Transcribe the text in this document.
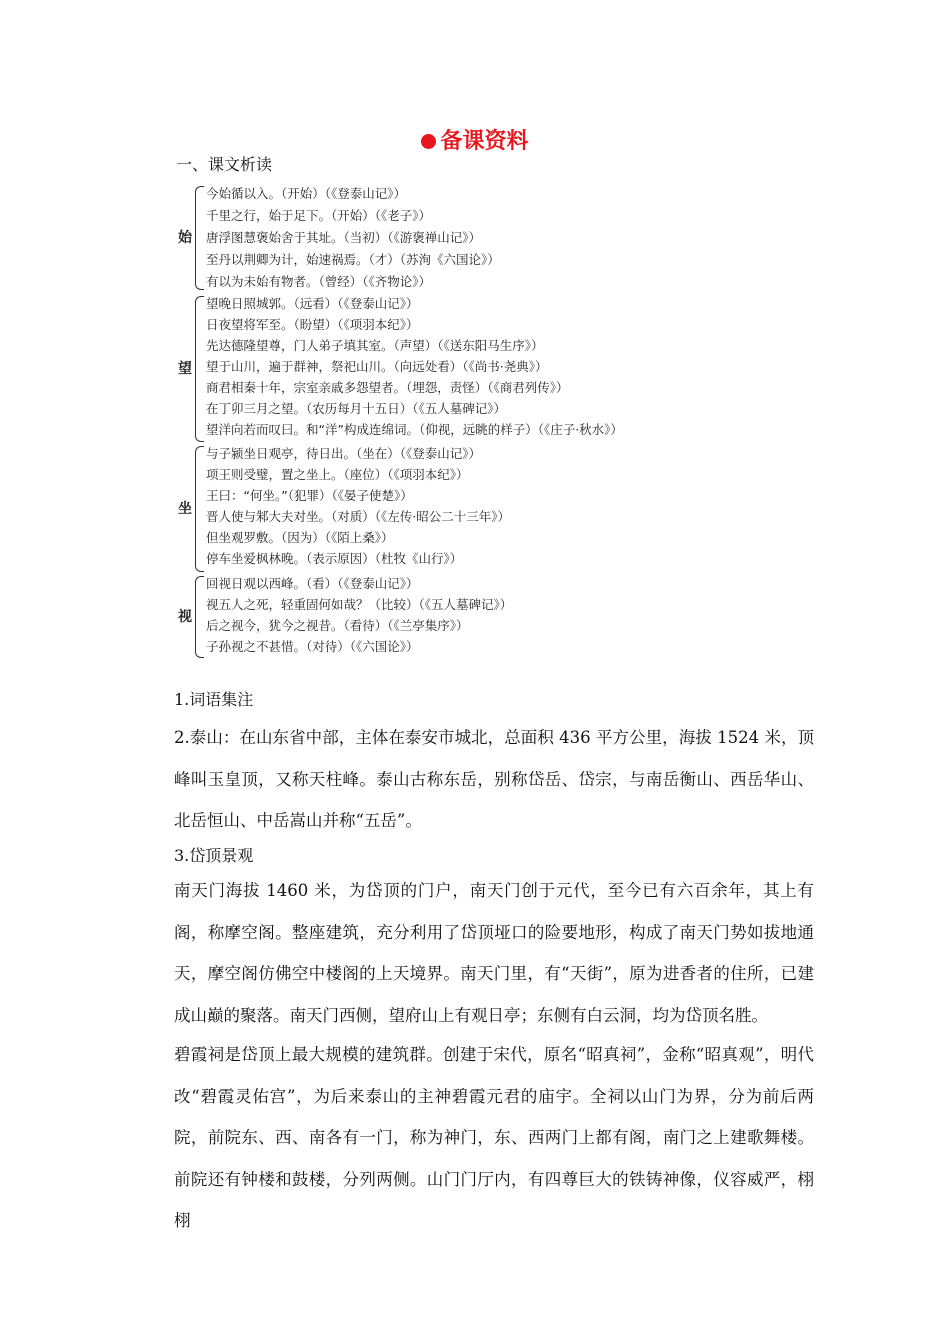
备课资料
一、课文析读
始
今始循以入。（开始）（《登泰山记》）
千里之行，始于足下。（开始）（《老子》）
唐浮图慧褒始舍于其址。（当初）（《游褒禅山记》）
至丹以荆卿为计，始速祸焉。（才）（苏洵《六国论》）
有以为未始有物者。（曾经）（《齐物论》）
望
望晚日照城郭。（远看）（《登泰山记》）
日夜望将军至。（盼望）（《项羽本纪》）
先达德隆望尊，门人弟子填其室。（声望）（《送东阳马生序》）
望于山川，遍于群神，祭祀山川。（向远处看）（《尚书·尧典》）
商君相秦十年，宗室亲戚多怨望者。（埋怨，责怪）（《商君列传》）
在丁卯三月之望。（农历每月十五日）（《五人墓碑记》）
望洋向若而叹曰。和“洋”构成连绵词。（仰视，远眺的样子）（《庄子·秋水》）
坐
与子颍坐日观亭，待日出。（坐在）（《登泰山记》）
项王则受璧，置之坐上。（座位）（《项羽本纪》）
王曰：“何坐。”（犯罪）（《晏子使楚》）
晋人使与邾大夫对坐。（对质）（《左传·昭公二十三年》）
但坐观罗敷。（因为）（《陌上桑》）
停车坐爱枫林晚。（表示原因）（杜牧《山行》）
视
回视日观以西峰。（看）（《登泰山记》）
视五人之死，轻重固何如哉？（比较）（《五人墓碑记》）
后之视今，犹今之视昔。（看待）（《兰亭集序》）
子孙视之不甚惜。（对待）（《六国论》）
1.词语集注

2.泰山：在山东省中部，主体在泰安市城北，总面积 436 平方公里，海拔 1524 米，顶峰叫玉皇顶，又称天柱峰。泰山古称东岳，别称岱岳、岱宗，与南岳衡山、西岳华山、北岳恒山、中岳嵩山并称“五岳”。

3.岱顶景观

南天门海拔 1460 米，为岱顶的门户，南天门创于元代，至今已有六百余年，其上有阁，称摩空阁。整座建筑，充分利用了岱顶垭口的险要地形，构成了南天门势如拔地通天，摩空阁仿佛空中楼阁的上天境界。南天门里，有“天街”，原为进香者的住所，已建成山巅的聚落。南天门西侧，望府山上有观日亭；东侧有白云洞，均为岱顶名胜。

碧霞祠是岱顶上最大规模的建筑群。创建于宋代，原名“昭真祠”，金称“昭真观”，明代改“碧霞灵佑宫”，为后来泰山的主神碧霞元君的庙宇。全祠以山门为界，分为前后两院，前院东、西、南各有一门，称为神门，东、西两门上都有阁，南门之上建歌舞楼。前院还有钟楼和鼓楼，分列两侧。山门门厅内，有四尊巨大的铁铸神像，仪容威严，栩栩
